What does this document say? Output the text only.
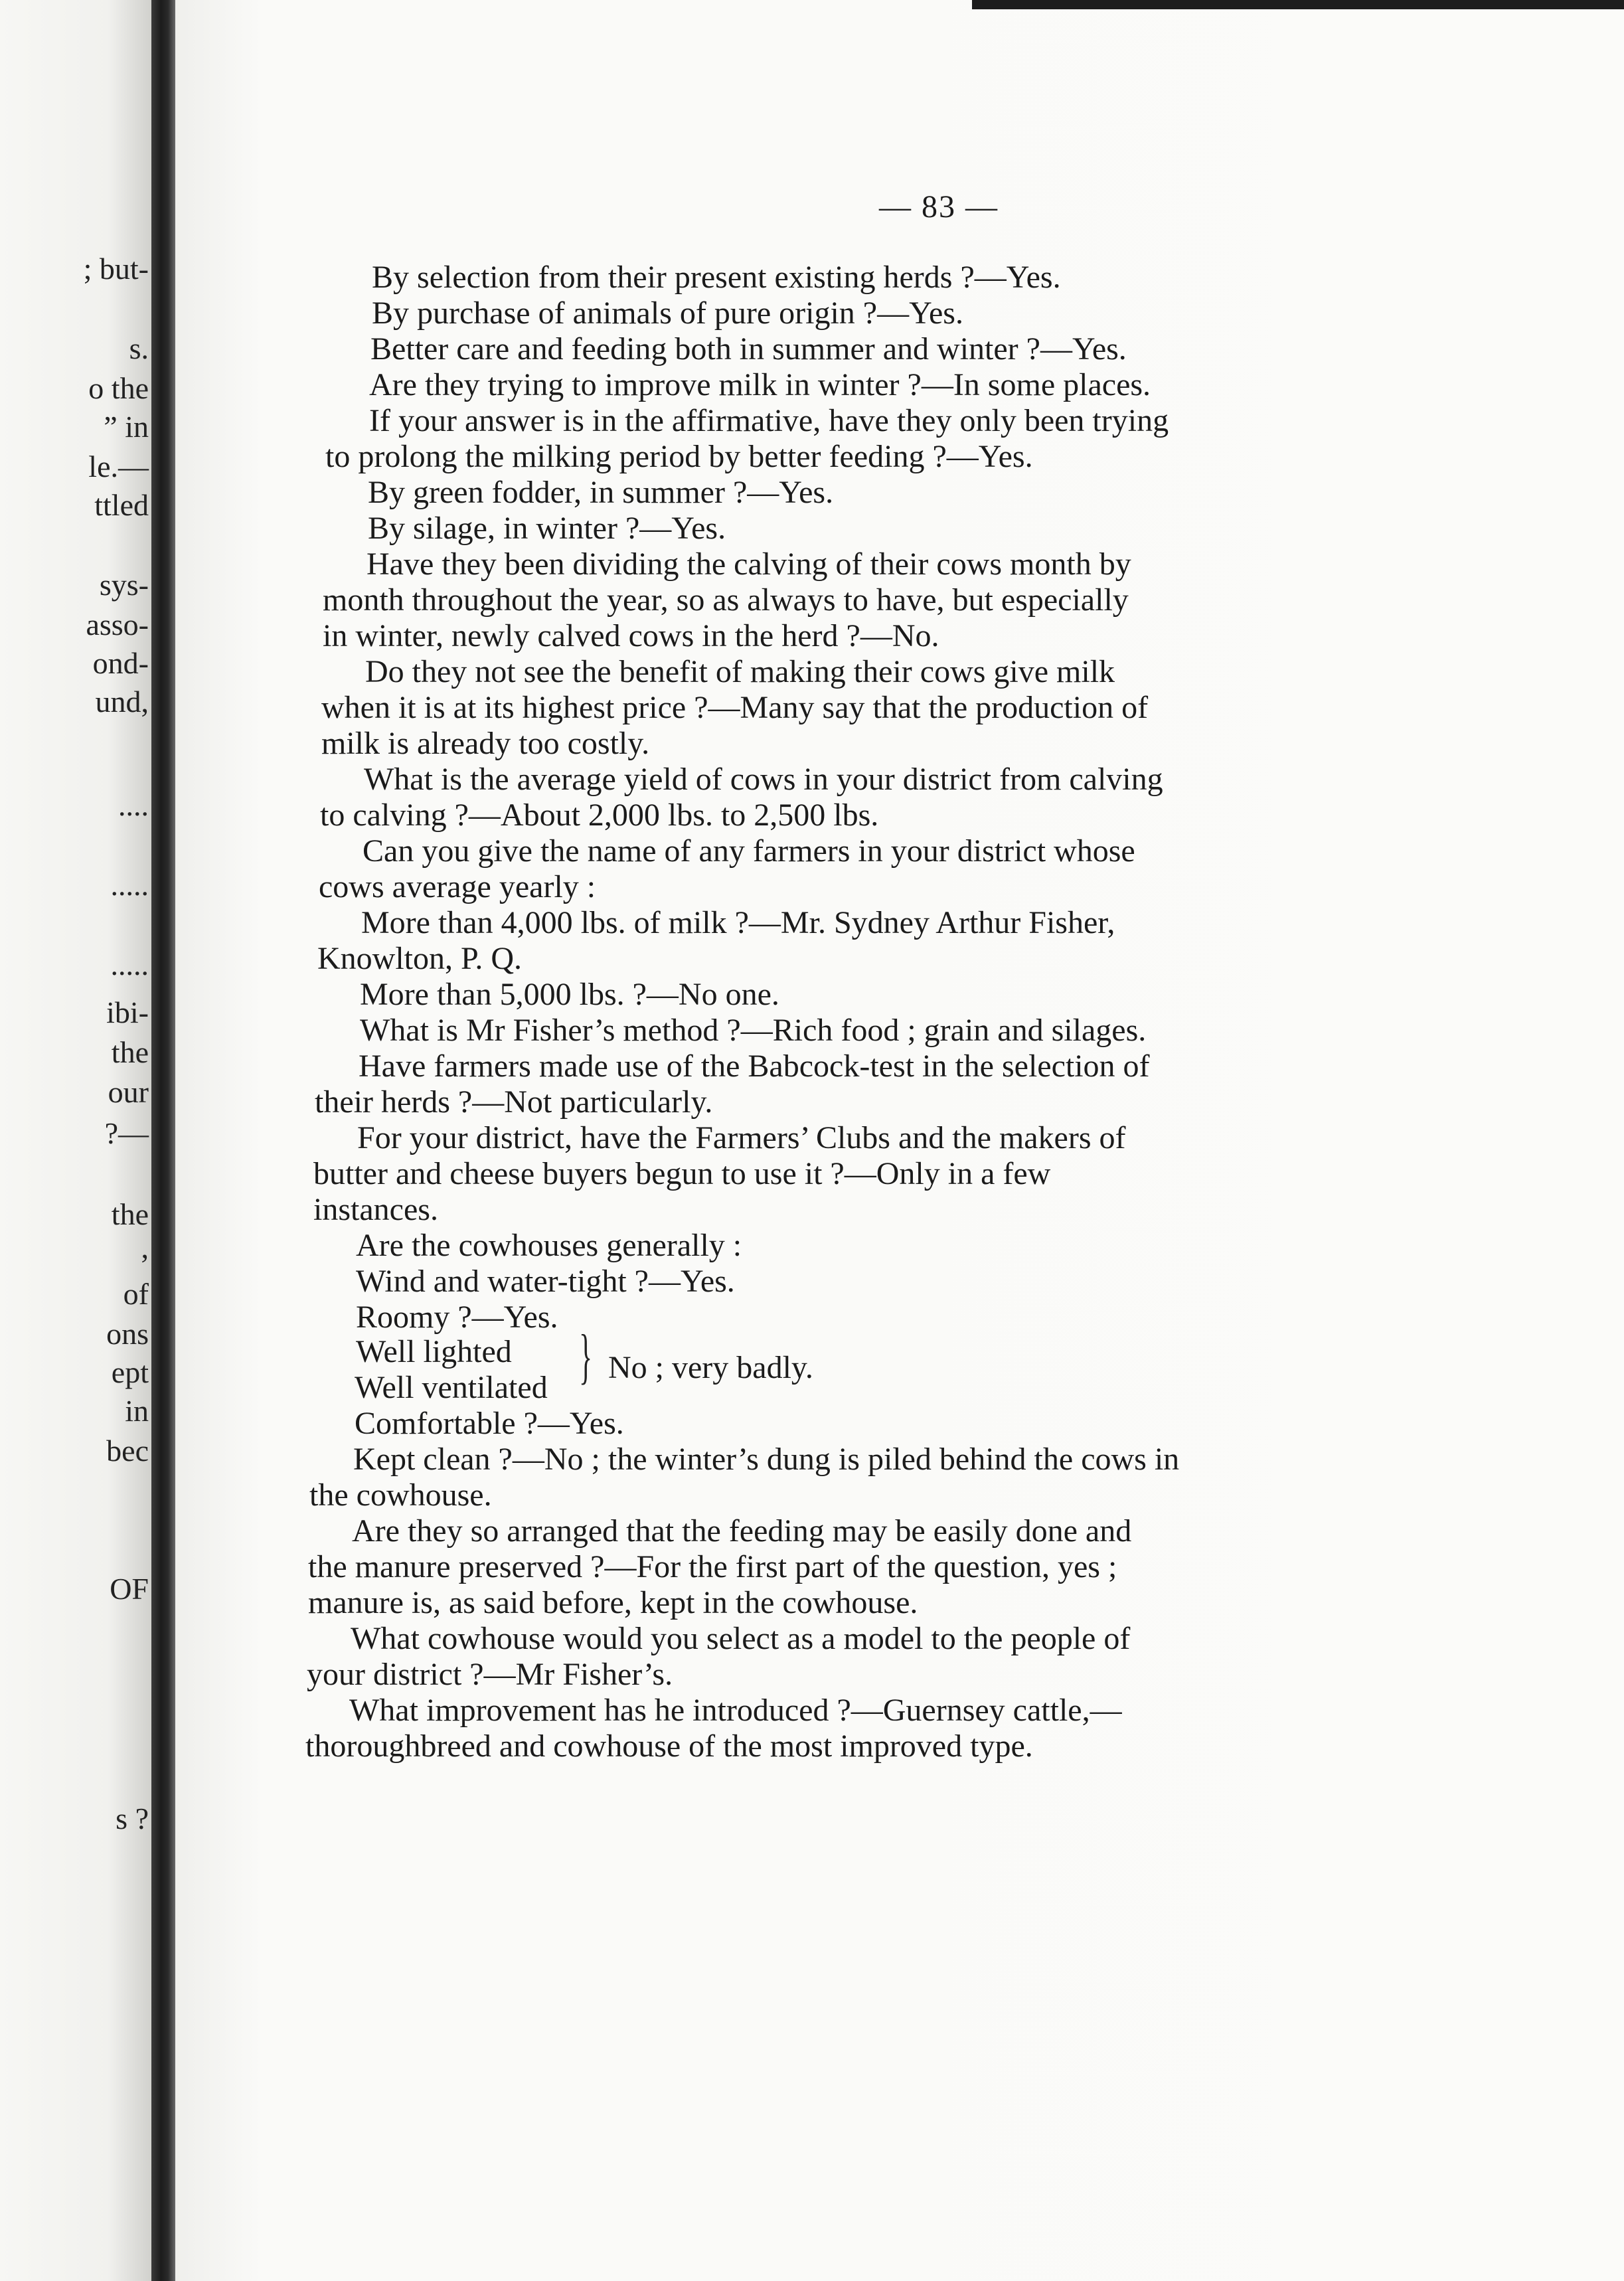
; but-
s.
o the
” in
le.—
ttled
sys-
asso-
ond-
und,
....
.....
.....
ibi-
the
our
?—
the
,
of
ons
ept
in
bec
OF
s ?
— 83 —
By selection from their present existing herds ?—Yes.
By purchase of animals of pure origin ?—Yes.
Better care and feeding both in summer and winter ?—Yes.
Are they trying to improve milk in winter ?—In some places.
If your answer is in the affirmative, have they only been trying
to prolong the milking period by better feeding ?—Yes.
By green fodder, in summer ?—Yes.
By silage, in winter ?—Yes.
Have they been dividing the calving of their cows month by
month throughout the year, so as always to have, but especially
in winter, newly calved cows in the herd ?—No.
Do they not see the benefit of making their cows give milk
when it is at its highest price ?—Many say that the production of
milk is already too costly.
What is the average yield of cows in your district from calving
to calving ?—About 2,000 lbs. to 2,500 lbs.
Can you give the name of any farmers in your district whose
cows average yearly :
More than 4,000 lbs. of milk ?—Mr. Sydney Arthur Fisher,
Knowlton, P. Q.
More than 5,000 lbs. ?—No one.
What is Mr Fisher’s method ?—Rich food ; grain and silages.
Have farmers made use of the Babcock-test in the selection of
their herds ?—Not particularly.
For your district, have the Farmers’ Clubs and the makers of
butter and cheese buyers begun to use it ?—Only in a few
instances.
Are the cowhouses generally :
Wind and water-tight ?—Yes.
Roomy ?—Yes.
Well lighted
Well ventilated } No ; very badly.
Comfortable ?—Yes.
Kept clean ?—No ; the winter’s dung is piled behind the cows in
the cowhouse.
Are they so arranged that the feeding may be easily done and
the manure preserved ?—For the first part of the question, yes ;
manure is, as said before, kept in the cowhouse.
What cowhouse would you select as a model to the people of
your district ?—Mr Fisher’s.
What improvement has he introduced ?—Guernsey cattle,—
thoroughbreed and cowhouse of the most improved type.
